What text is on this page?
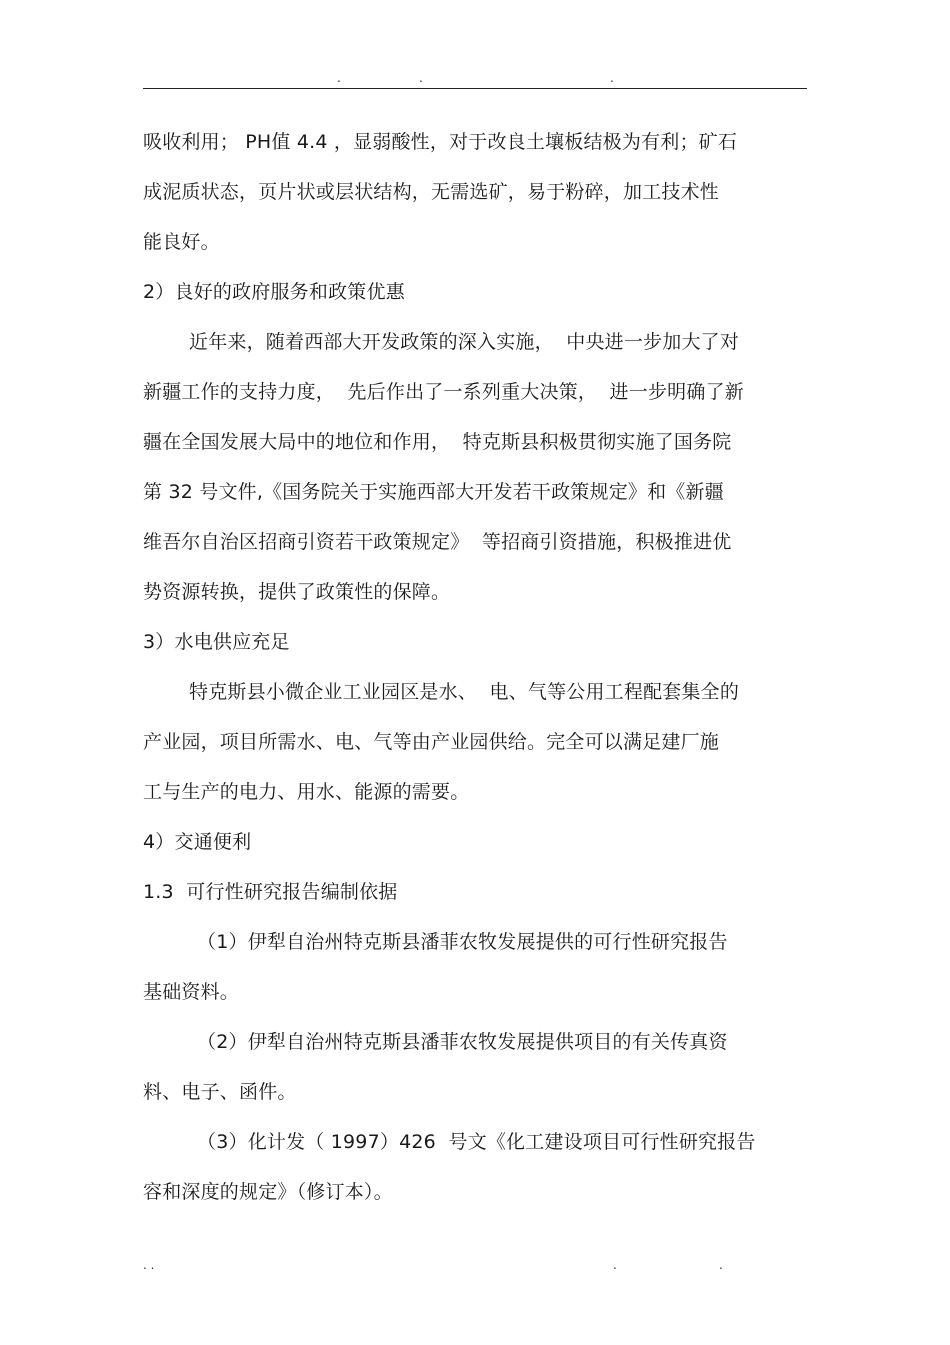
.	.	.
吸收利用； PH值 4.4 ，显弱酸性，对于改良土壤板结极为有利；矿石
成泥质状态，页片状或层状结构，无需选矿，易于粉碎，加工技术性
能良好。
2）良好的政府服务和政策优惠
近年来，随着西部大开发政策的深入实施，  中央进一步加大了对
新疆工作的支持力度，  先后作出了一系列重大决策，  进一步明确了新
疆在全国发展大局中的地位和作用，  特克斯县积极贯彻实施了国务院
第 32 号文件,《国务院关于实施西部大开发若干政策规定》和《新疆
维吾尔自治区招商引资若干政策规定》  等招商引资措施，积极推进优
势资源转换，提供了政策性的保障。
3）水电供应充足
特克斯县小微企业工业园区是水、  电、气等公用工程配套集全的
产业园，项目所需水、电、气等由产业园供给。完全可以满足建厂施
工与生产的电力、用水、能源的需要。
4）交通便利
1.3  可行性研究报告编制依据
（1）伊犁自治州特克斯县潘菲农牧发展提供的可行性研究报告
基础资料。
（2）伊犁自治州特克斯县潘菲农牧发展提供项目的有关传真资
料、电子、函件。
（3）化计发（ 1997）426  号文《化工建设项目可行性研究报告
容和深度的规定》（修订本）。
. .	.	.
